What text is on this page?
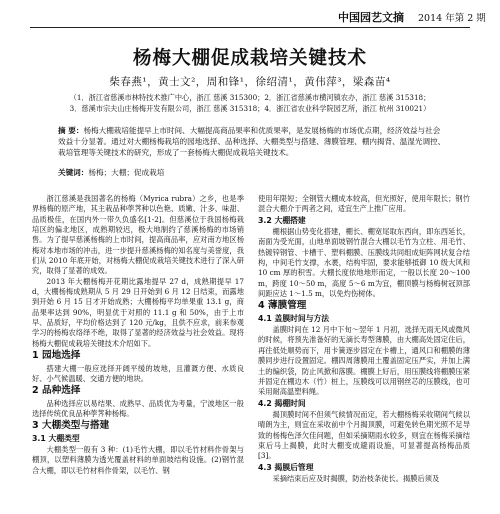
中国园艺文摘 2014 年第 2 期
杨梅大棚促成栽培关键技术
柴春燕¹，黄士文²，周和锋¹，徐绍清¹，黄伟萍³，梁森苗⁴
（1．浙江省慈溪市林特技术推广中心，浙江 慈溪 315300；2．浙江省慈溪市横河镇农办，浙江 慈溪 315318；
3．慈溪市宗夫山庄杨梅开发有限公司，浙江 慈溪 315318；4．浙江省农业科学院园艺所，浙江 杭州 310021）
摘 要：杨梅大棚栽培能提早上市时间、大幅提高商品果率和优质果率，是发展杨梅的市场优点期，经济效益与社会效益十分显著。通过对大棚杨梅栽培的园地选择、品种选择、大棚类型与搭建、薄膜管理、棚内揭背、温湿光调控、栽培管理等关键技术的研究，形成了一套杨梅大棚促成栽培关键技术。
关键词：杨梅；大棚；促成栽培

浙江慈溪是我国著名的杨梅（Myrica rubra）之乡，也是季界杨梅的原产地，其主栽品种荸荠种以色艳、质嫩、汁多、味甜、品质极佳，在国内外一带久负盛名[1-2]。但慈溪位于我国杨梅栽培区的偏北地区，成熟期较迟，极大地制约了慈溪杨梅的市场销售。为了提早慈溪杨梅的上市时间，提高商品率，应对南方地区杨梅对本地市场的冲击，进一步提升慈溪杨梅的知名度与美誉度，我们从 2010 年底开始，对杨梅大棚促成栽培关键技术进行了深入研究，取得了显著的成效。

2013 年大棚杨梅开花期比露地提早 27 d，成熟期提早 17 d，大棚杨梅成熟期从 5 月 29 日开始到 6 月 12 日结束，而露地到开始 6 月 15 日才开始成熟；大棚杨梅平均单果重 13.1 g，商品果率达到 90%，明显优于对照的 11.1 g 和 50%，由于上市早、品质好，平均价格达到了 120 元/kg，且供不应求，前来参观学习的杨梅农络绎不绝，取得了显著的经济效益与社会效益。现将杨梅大棚促成栽培关键技术介绍如下。

1 园地选择

搭建大棚一般应选择开阔平缓的坡地，且灌溉方便、水质良好、小气候温暖、交通方便的地块。

2 品种选择

品种选择应以易结果、成熟早、品质优为考量，宁波地区一般选择传统优良品种荸荠种杨梅。

3 大棚类型与搭建
3.1 大棚类型

大棚类型一般有 3 种：(1)毛竹大棚，即以毛竹材料作骨架与棚顶，以塑料薄膜为透光覆盖材料的单面坡结构设施。(2)钢竹混合大棚，即以毛竹材料作骨架，以毛竹、钢

使用年限短；全钢管大棚成本较高，但光照好，使用年限长；钢竹混合大棚介于两者之间，适宜生产上推广应用。

3.2 大棚搭建

棚根据山势变化搭建，棚长、棚宽尾取东西向，即东西延长，南面为受光面，山地单面坡钢竹混合大棚以毛竹为立柱、用毛竹、热镀锌钢管、卡槽干、塑料棚膜、压膜线共同组成矩阵网状复合结构，中间毛竹支撑，水裹，结构牢固，要求能够抵御 10 级大风和 10 cm 厚的积雪。大棚长度依地地形而定，一般以长度 20～100 m，跨度 10～50 m，高度 5～6 m为宜，棚顶膜与杨梅树冠顶部间距应达 1～1.5 m，以免灼伤树体。

4 薄膜管理
4.1 盖膜时间与方法

盖膜时间在 12 月中下旬～翌年 1 月初，选择无雨无风或微风的时候，将预先准备好的无滴长寿型薄膜，由大棚高处固定住后，再往低处顺势而下，用卡簧逐步固定在卡槽上，通风口和棚膜的薄膜同步进行设置固定。棚四周薄膜用土覆盖固定压严实，并加上满土的编织袋，防止风掀和落膜。棚膜上好后，用压膜线将棚膜压紧并固定在棚边木（竹）桩上，压膜线可以用钢丝芯的压膜线，也可采用耐高温塑料绳。

4.2 揭棚时间

揭顶膜时间不但须气候情况而定，若大棚杨梅采收期间气候以晴朗为主，则宜在采收前中个月揭顶膜，可避免转色期光照不足导致的杨梅色泽欠佳问题，但如采摘期雨水较多，则宜在杨梅采摘结束后马上揭膜，此时大棚变成避雨设施，可显著提高杨梅品质[3]。

4.3 揭膜后管理

采摘结束后应及时揭膜，防治枝条徒长。揭膜后须及
